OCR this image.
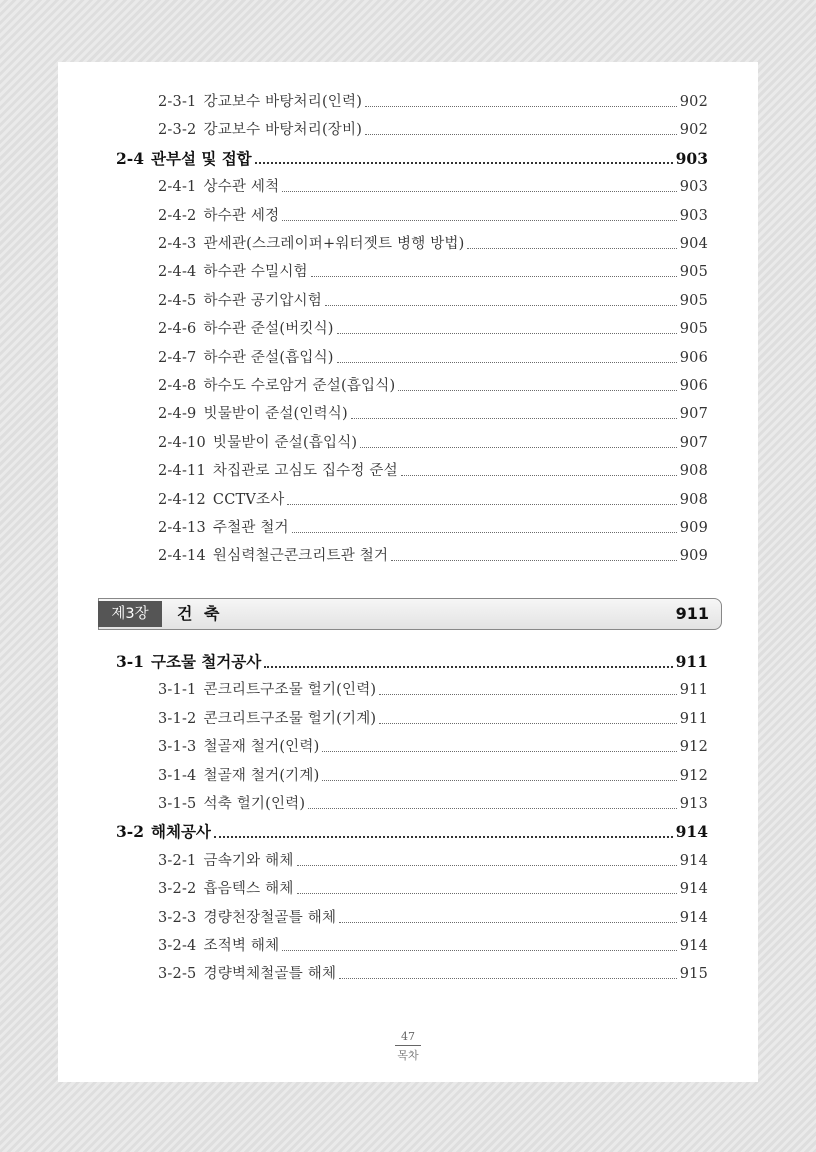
2-3-1 강교보수 바탕처리(인력)	902
2-3-2 강교보수 바탕처리(장비)	902
2-4 관부설 및 접합	903
2-4-1 상수관 세척	903
2-4-2 하수관 세정	903
2-4-3 관세관(스크레이퍼+워터젯트 병행 방법)	904
2-4-4 하수관 수밀시험	905
2-4-5 하수관 공기압시험	905
2-4-6 하수관 준설(버킷식)	905
2-4-7 하수관 준설(흡입식)	906
2-4-8 하수도 수로암거 준설(흡입식)	906
2-4-9 빗물받이 준설(인력식)	907
2-4-10 빗물받이 준설(흡입식)	907
2-4-11 차집관로 고심도 집수정 준설	908
2-4-12 CCTV조사	908
2-4-13 주철관 철거	909
2-4-14 원심력철근콘크리트관 철거	909
제3장	건 축	911
3-1 구조물 철거공사	911
3-1-1 콘크리트구조물 헐기(인력)	911
3-1-2 콘크리트구조물 헐기(기계)	911
3-1-3 철골재 철거(인력)	912
3-1-4 철골재 철거(기계)	912
3-1-5 석축 헐기(인력)	913
3-2 해체공사	914
3-2-1 금속기와 해체	914
3-2-2 흡음텍스 해체	914
3-2-3 경량천장철골틀 해체	914
3-2-4 조적벽 해체	914
3-2-5 경량벽체철골틀 해체	915
47
목차
